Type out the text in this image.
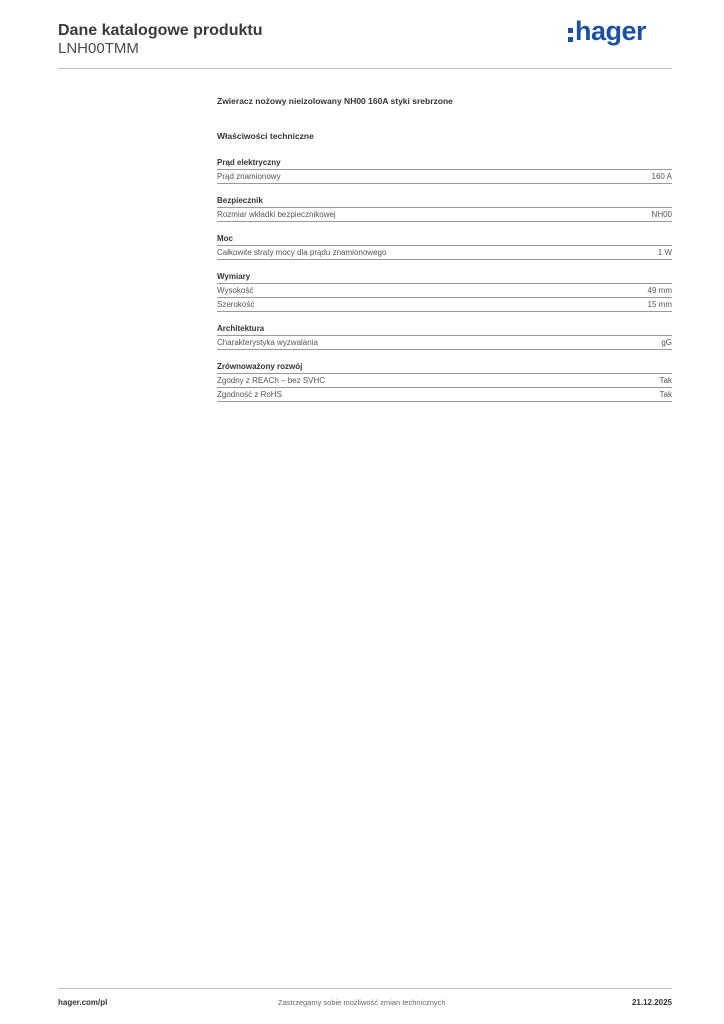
Dane katalogowe produktu
LNH00TMM
hager
Zwieracz nożowy nieizolowany NH00 160A styki srebrzone
Właściwości techniczne
Prąd elektryczny
Prąd znamionowy	160 A
Bezpiecznik
Rozmiar wkładki bezpiecznikowej	NH00
Moc
Całkowite straty mocy dla prądu znamionowego	1 W
Wymiary
Wysokość	49 mm
Szerokość	15 mm
Architektura
Charakterystyka wyzwalania	gG
Zrównoważony rozwój
Zgodny z REACh – bez SVHC	Tak
Zgodność z RoHS	Tak
hager.com/pl	Zastrzegamy sobie możliwość zmian technicznych	21.12.2025
